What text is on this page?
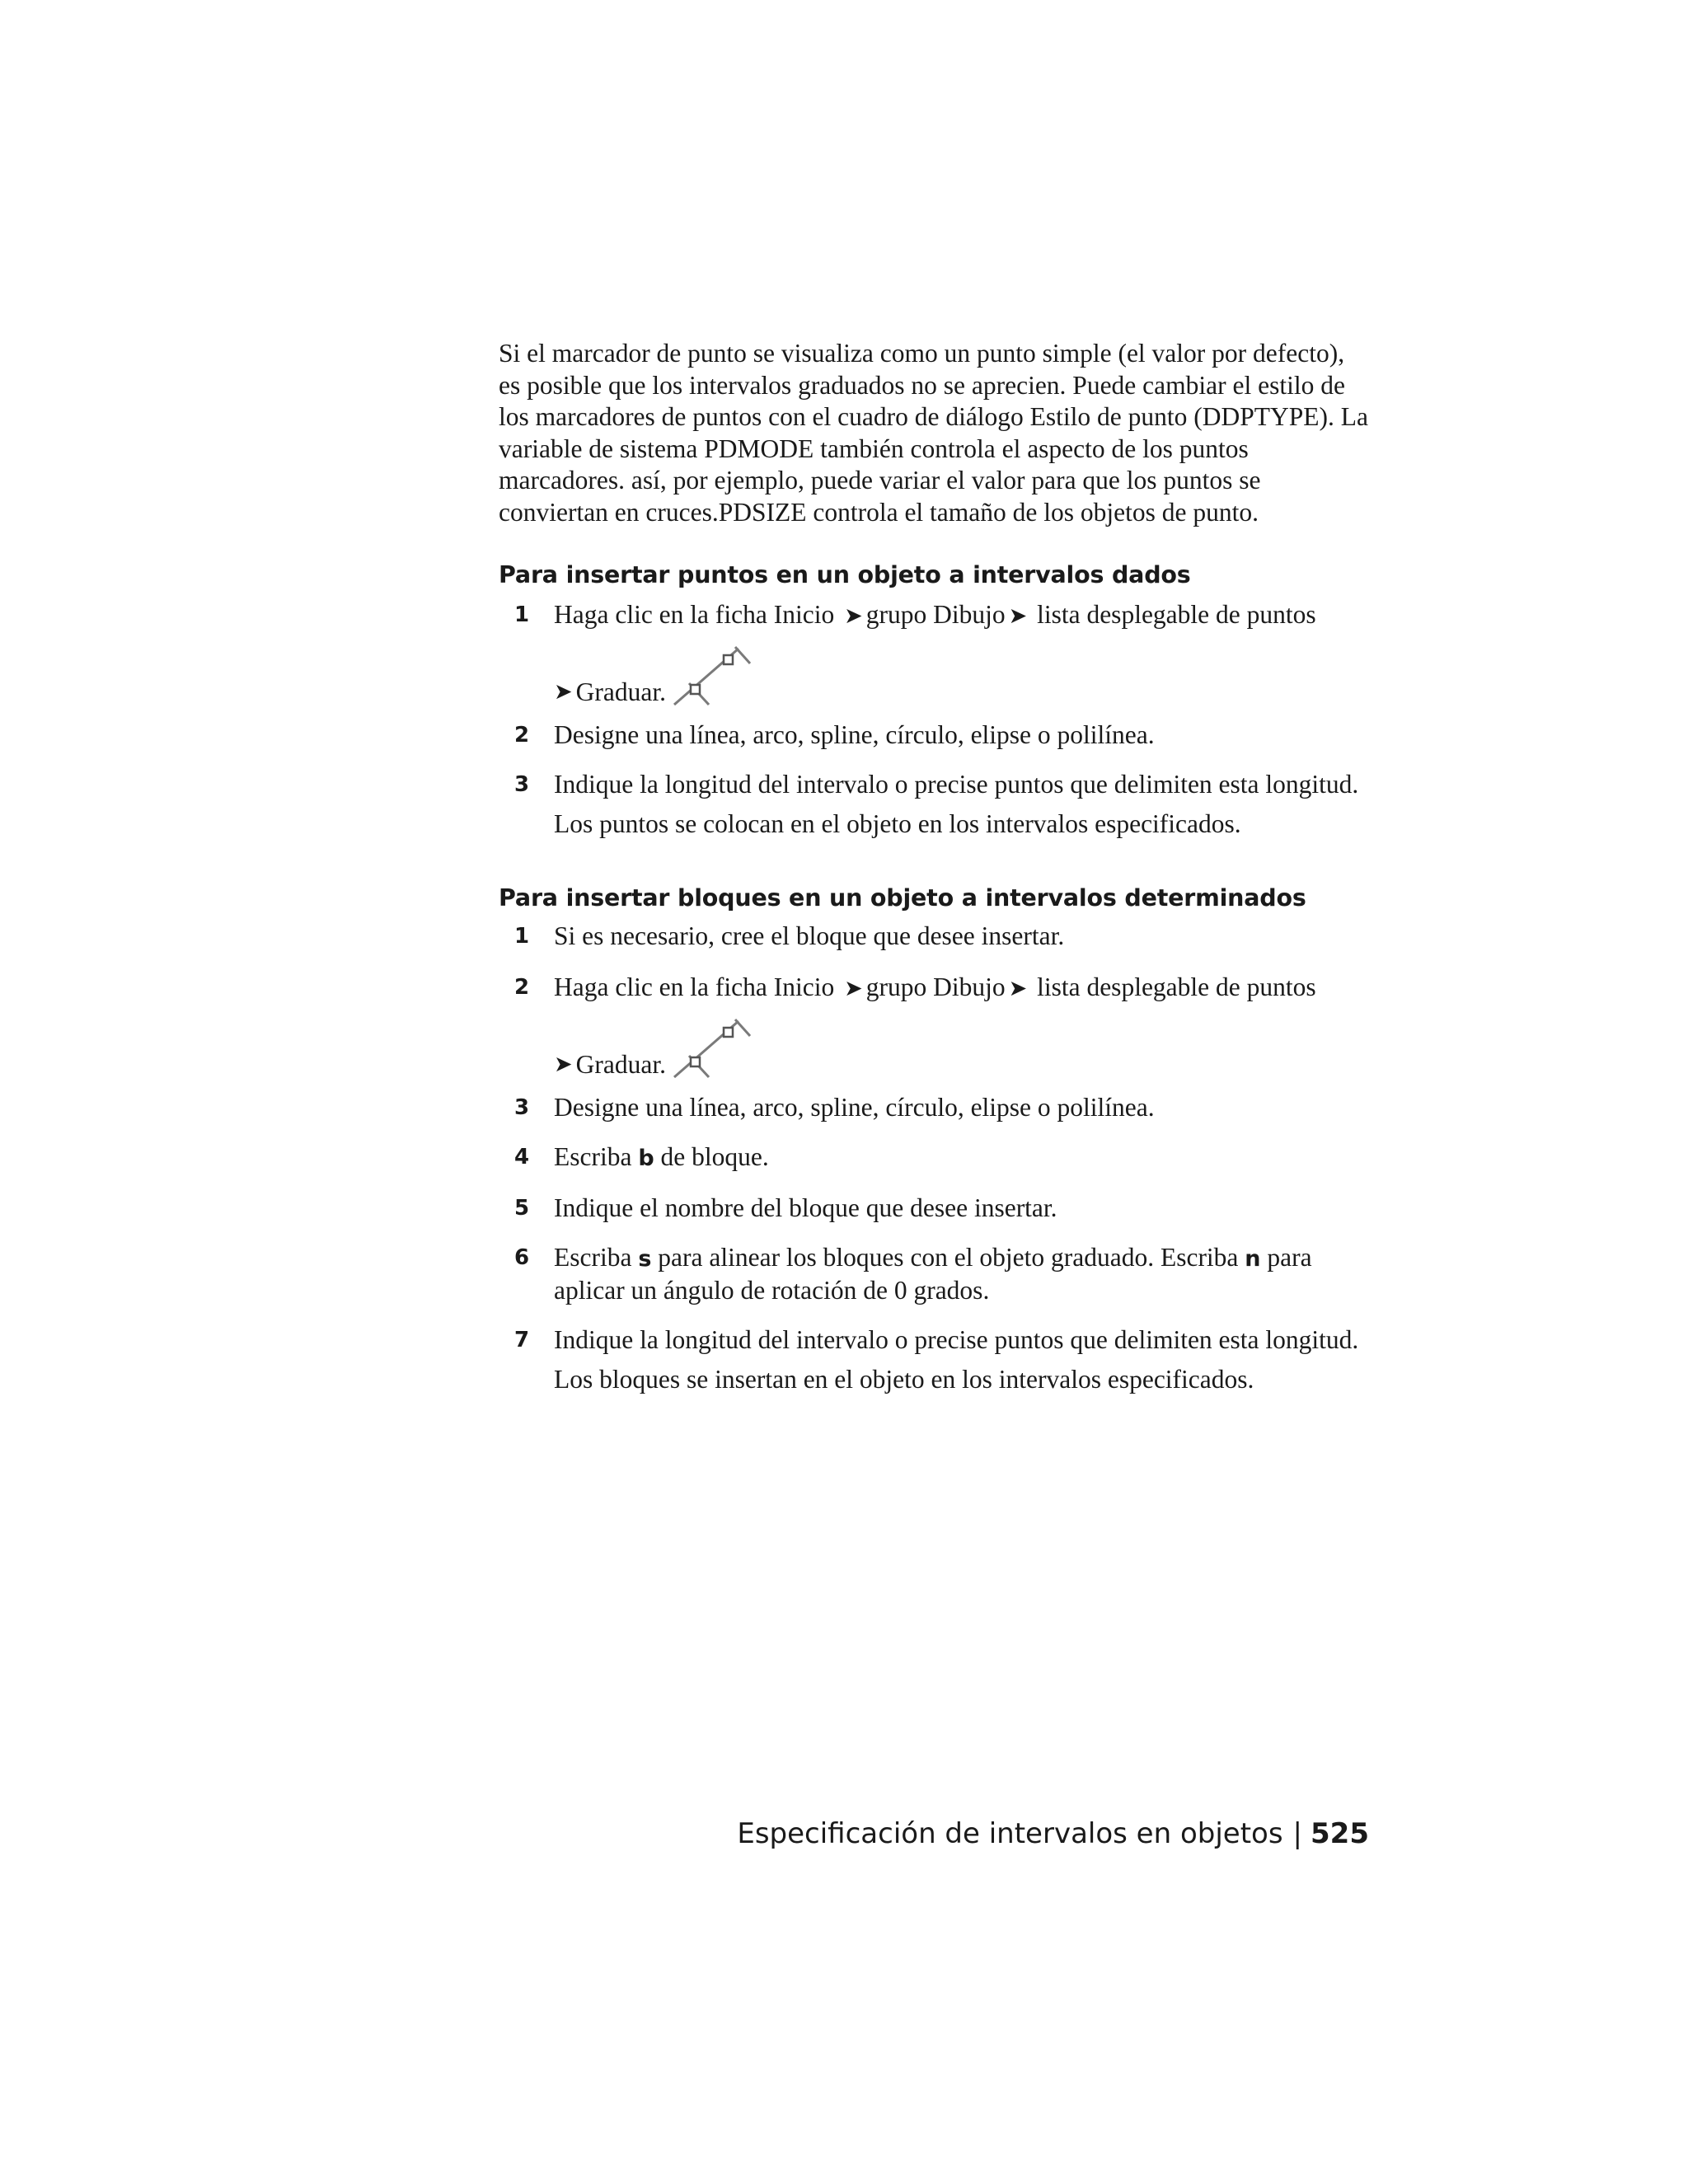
Si el marcador de punto se visualiza como un punto simple (el valor por defecto), es posible que los intervalos graduados no se aprecien. Puede cambiar el estilo de los marcadores de puntos con el cuadro de diálogo Estilo de punto (DDPTYPE). La variable de sistema PDMODE también controla el aspecto de los puntos marcadores. así, por ejemplo, puede variar el valor para que los puntos se conviertan en cruces.PDSIZE controla el tamaño de los objetos de punto.

Para insertar puntos en un objeto a intervalos dados
1 Haga clic en la ficha Inicio ➤ grupo Dibujo ➤ lista desplegable de puntos
➤ Graduar.
2 Designe una línea, arco, spline, círculo, elipse o polilínea.
3 Indique la longitud del intervalo o precise puntos que delimiten esta longitud.

Los puntos se colocan en el objeto en los intervalos especificados.

Para insertar bloques en un objeto a intervalos determinados
1 Si es necesario, cree el bloque que desee insertar.
2 Haga clic en la ficha Inicio ➤ grupo Dibujo ➤ lista desplegable de puntos
➤ Graduar.
3 Designe una línea, arco, spline, círculo, elipse o polilínea.
4 Escriba b de bloque.
5 Indique el nombre del bloque que desee insertar.
6 Escriba s para alinear los bloques con el objeto graduado. Escriba n para aplicar un ángulo de rotación de 0 grados.
7 Indique la longitud del intervalo o precise puntos que delimiten esta longitud.

Los bloques se insertan en el objeto en los intervalos especificados.

Especificación de intervalos en objetos | 525
